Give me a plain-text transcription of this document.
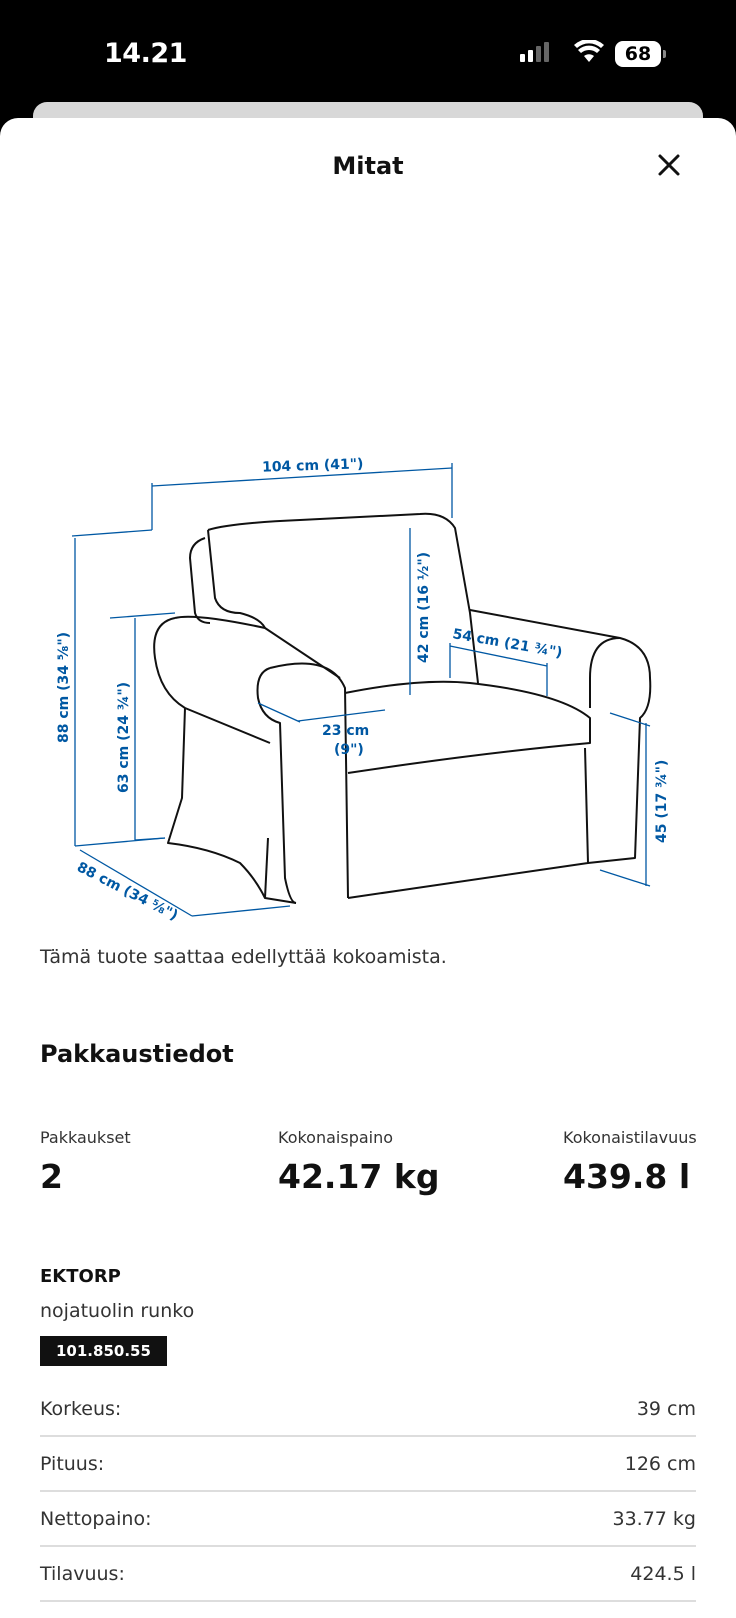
14.21	68
Mitat
104 cm (41")
88 cm (34 ⅝")	63 cm (24 ¾")
42 cm (16 ½") 54 cm (21 ¾")
23 cm
(9")
45 (17 ¾")
88 cm (34 ⅝")
Tämä tuote saattaa edellyttää kokoamista.
Pakkaustiedot
Pakkaukset
2
Kokonaispaino
42.17 kg
Kokonaistilavuus
439.8 l
EKTORP
nojatuolin runko
101.850.55
Korkeus:	39 cm
Pituus:	126 cm
Nettopaino:	33.77 kg
Tilavuus:	424.5 l
